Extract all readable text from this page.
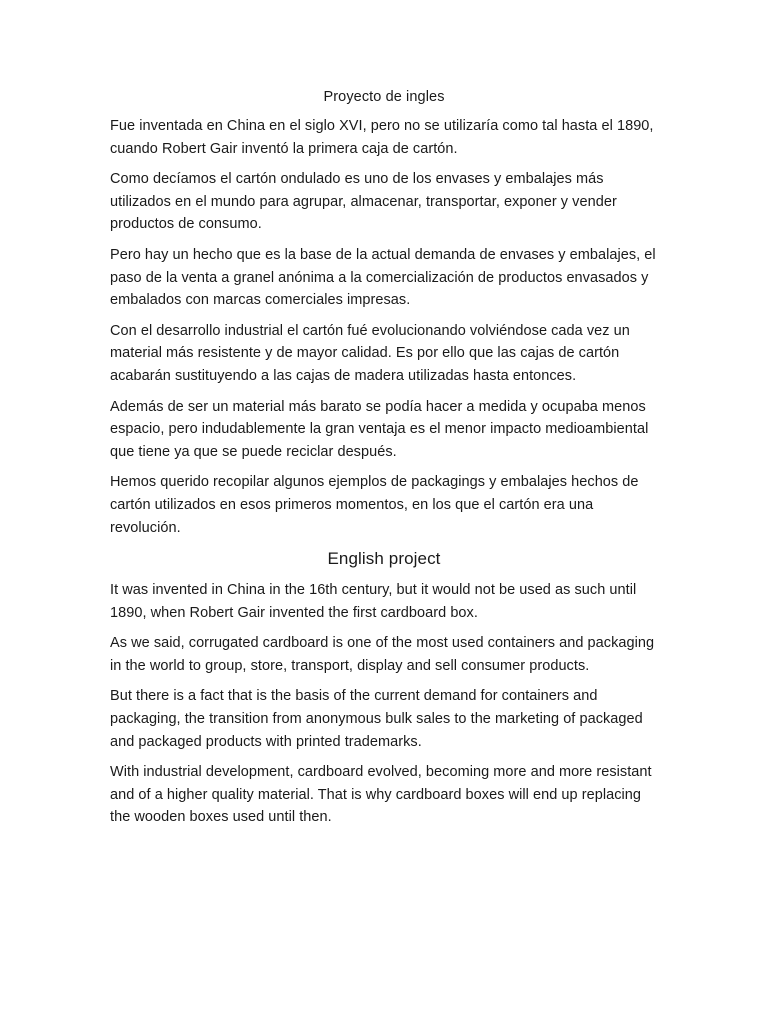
Proyecto de ingles

Fue inventada en China en el siglo XVI, pero no se utilizaría como tal hasta el 1890, cuando Robert Gair inventó la primera caja de cartón.

Como decíamos el cartón ondulado es uno de los envases y embalajes más utilizados en el mundo para agrupar, almacenar, transportar, exponer y vender productos de consumo.

Pero hay un hecho que es la base de la actual demanda de envases y embalajes, el paso de la venta a granel anónima a la comercialización de productos envasados y embalados con marcas comerciales impresas.

Con el desarrollo industrial el cartón fué evolucionando volviéndose cada vez un material más resistente y de mayor calidad. Es por ello que las cajas de cartón acabarán sustituyendo a las cajas de madera utilizadas hasta entonces.

Además de ser un material más barato se podía hacer a medida y ocupaba menos espacio, pero indudablemente la gran ventaja es el menor impacto medioambiental que tiene ya que se puede reciclar después.

Hemos querido recopilar algunos ejemplos de packagings y embalajes hechos de cartón utilizados en esos primeros momentos, en los que el cartón era una revolución.

English project

It was invented in China in the 16th century, but it would not be used as such until 1890, when Robert Gair invented the first cardboard box.

As we said, corrugated cardboard is one of the most used containers and packaging in the world to group, store, transport, display and sell consumer products.

But there is a fact that is the basis of the current demand for containers and packaging, the transition from anonymous bulk sales to the marketing of packaged and packaged products with printed trademarks.

With industrial development, cardboard evolved, becoming more and more resistant and of a higher quality material. That is why cardboard boxes will end up replacing the wooden boxes used until then.
